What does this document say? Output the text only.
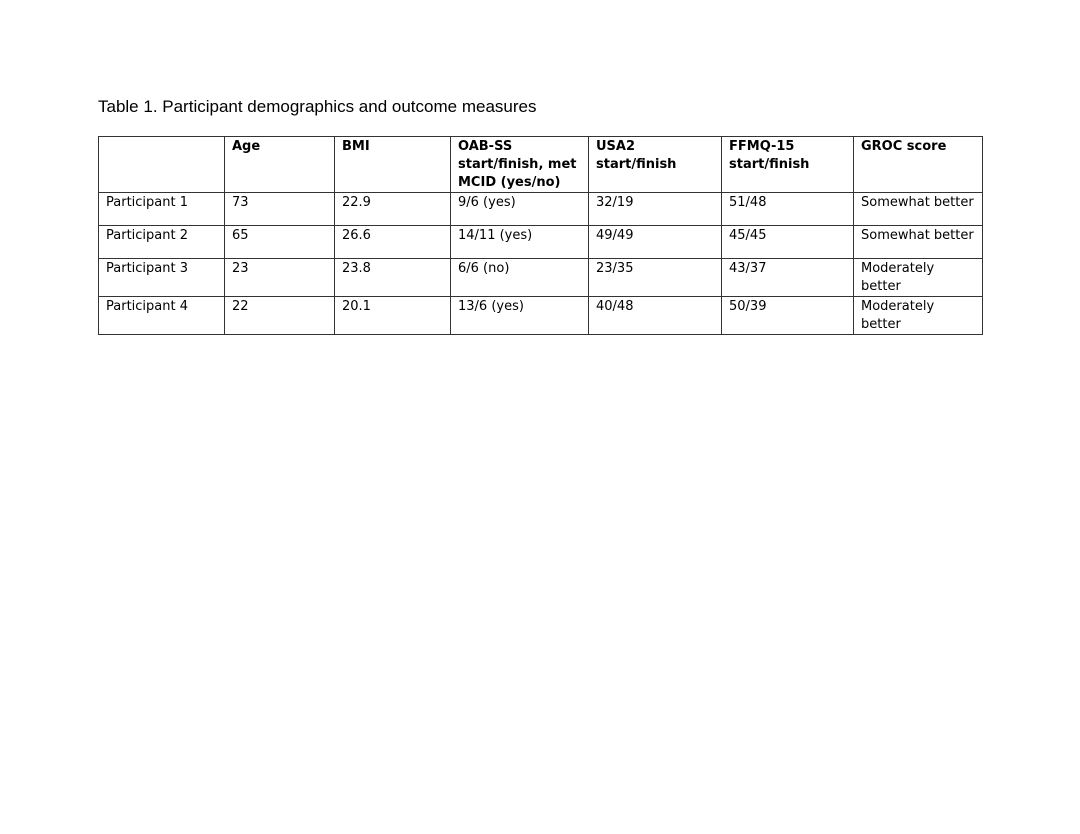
Table 1. Participant demographics and outcome measures
	Age	BMI	OAB-SS start/finish, met MCID (yes/no)	USA2 start/finish	FFMQ-15 start/finish	GROC score
Participant 1	73	22.9	9/6 (yes)	32/19	51/48	Somewhat better
Participant 2	65	26.6	14/11 (yes)	49/49	45/45	Somewhat better
Participant 3	23	23.8	6/6 (no)	23/35	43/37	Moderately better
Participant 4	22	20.1	13/6 (yes)	40/48	50/39	Moderately better
